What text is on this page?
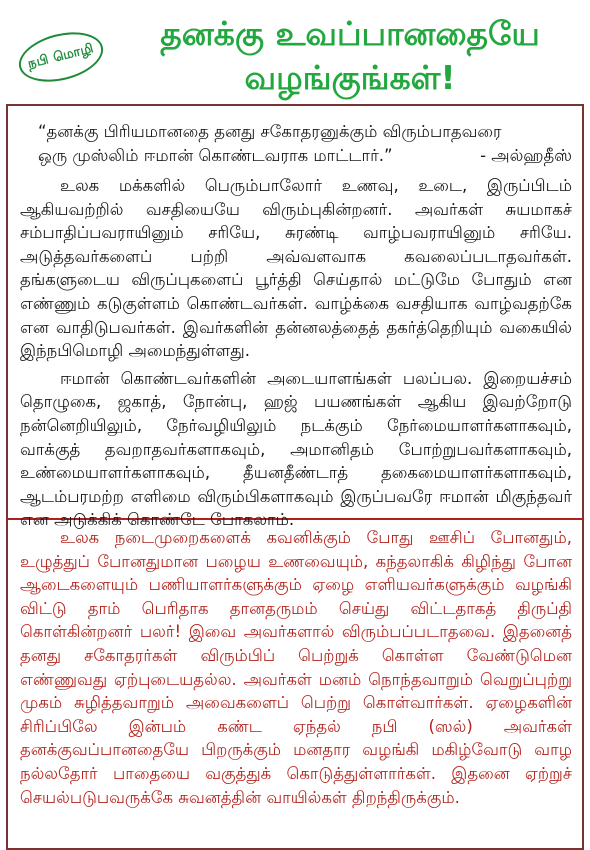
நபி மொழி
தனக்கு உவப்பானதையே
வழங்குங்கள்!
“தனக்கு பிரியமானதை தனது சகோதரனுக்கும் விரும்பாதவரை
ஒரு முஸ்லிம் ஈமான் கொண்டவராக மாட்டார்.”	- அல்ஹதீஸ்

உலக மக்களில் பெரும்பாலோர் உணவு, உடை, இருப்பிடம் ஆகியவற்றில் வசதியையே விரும்புகின்றனர். அவர்கள் சுயமாகச் சம்பாதிப்பவராயினும் சரியே, சுரண்டி வாழ்பவராயினும் சரியே. அடுத்தவர்களைப் பற்றி அவ்வளவாக கவலைப்படாதவர்கள். தங்களுடைய விருப்புகளைப் பூர்த்தி செய்தால் மட்டுமே போதும் என எண்ணும் கடுகுள்ளம் கொண்டவர்கள். வாழ்க்கை வசதியாக வாழ்வதற்கே என வாதிடுபவர்கள். இவர்களின் தன்னலத்தைத் தகர்த்தெறியும் வகையில் இந்நபிமொழி அமைந்துள்ளது.

ஈமான் கொண்டவர்களின் அடையாளங்கள் பலப்பல. இறையச்சம் தொழுகை, ஜகாத், நோன்பு, ஹஜ் பயணங்கள் ஆகிய இவற்றோடு நன்னெறியிலும், நேர்வழியிலும் நடக்கும் நேர்மையாளர்களாகவும், வாக்குத் தவறாதவர்களாகவும், அமானிதம் போற்றுபவர்களாகவும், உண்மையாளர்களாகவும், தீயனதீண்டாத் தகைமையாளர்களாகவும், ஆடம்பரமற்ற எளிமை விரும்பிகளாகவும் இருப்பவரே ஈமான் மிகுந்தவர் என அடுக்கிக் கொண்டே போகலாம்.

உலக நடைமுறைகளைக் கவனிக்கும் போது ஊசிப் போனதும், உழுத்துப் போனதுமான பழைய உணவையும், கந்தலாகிக் கிழிந்து போன ஆடைகளையும் பணியாளர்களுக்கும் ஏழை எளியவர்களுக்கும் வழங்கி விட்டு தாம் பெரிதாக தானதருமம் செய்து விட்டதாகத் திருப்தி கொள்கின்றனர் பலர்! இவை அவர்களால் விரும்பப்படாதவை. இதனைத் தனது சகோதரர்கள் விரும்பிப் பெற்றுக் கொள்ள வேண்டுமென எண்ணுவது ஏற்புடையதல்ல. அவர்கள் மனம் நொந்தவாறும் வெறுப்புற்று முகம் சுழித்தவாறும் அவைகளைப் பெற்று கொள்வார்கள். ஏழைகளின் சிரிப்பிலே இன்பம் கண்ட ஏந்தல் நபி (ஸல்) அவர்கள் தனக்குவப்பானதையே பிறருக்கும் மனதார வழங்கி மகிழ்வோடு வாழ நல்லதோர் பாதையை வகுத்துக் கொடுத்துள்ளார்கள். இதனை ஏற்றுச் செயல்படுபவருக்கே சுவனத்தின் வாயில்கள் திறந்திருக்கும்.
